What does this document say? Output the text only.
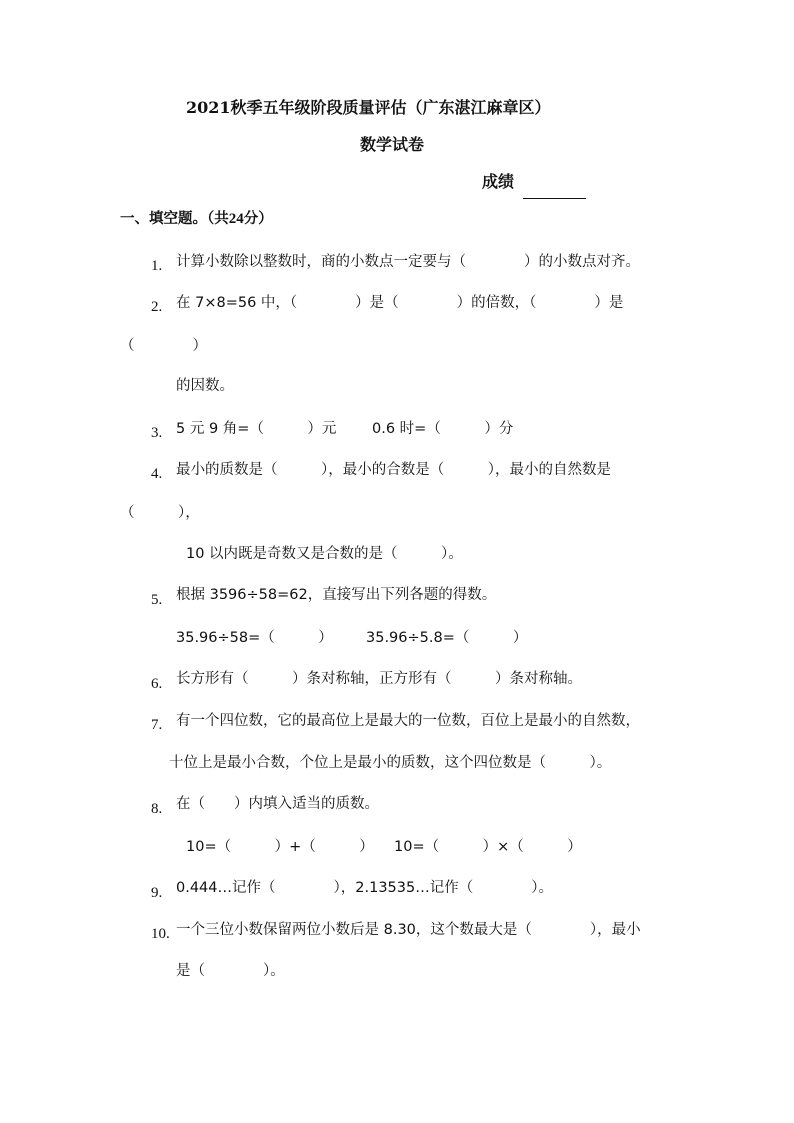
2021秋季五年级阶段质量评估（广东湛江麻章区）
数学试卷
成绩
一、填空题。（共24分）
1. 计算小数除以整数时，商的小数点一定要与（　　　　）的小数点对齐。
2. 在 7×8=56 中，（　　　　）是（　　　　）的倍数，（　　　　）是
（　　　　）
的因数。
3. 5 元 9 角=（　　　）元 0.6 时=（　　　）分
4. 最小的质数是（　　　），最小的合数是（　　　），最小的自然数是
（　　　），
10 以内既是奇数又是合数的是（　　　）。
5. 根据 3596÷58=62，直接写出下列各题的得数。
35.96÷58=（　　　） 35.96÷5.8=（　　　）
6. 长方形有（　　　）条对称轴，正方形有（　　　）条对称轴。
7. 有一个四位数，它的最高位上是最大的一位数，百位上是最小的自然数，
十位上是最小合数，个位上是最小的质数，这个四位数是（　　　）。
8. 在（　　）内填入适当的质数。
10=（　　　）+（　　　） 10=（　　　）×（　　　）
9. 0.444…记作（　　　　），2.13535…记作（　　　　）。
10. 一个三位小数保留两位小数后是 8.30，这个数最大是（　　　　），最小
是（　　　　）。
